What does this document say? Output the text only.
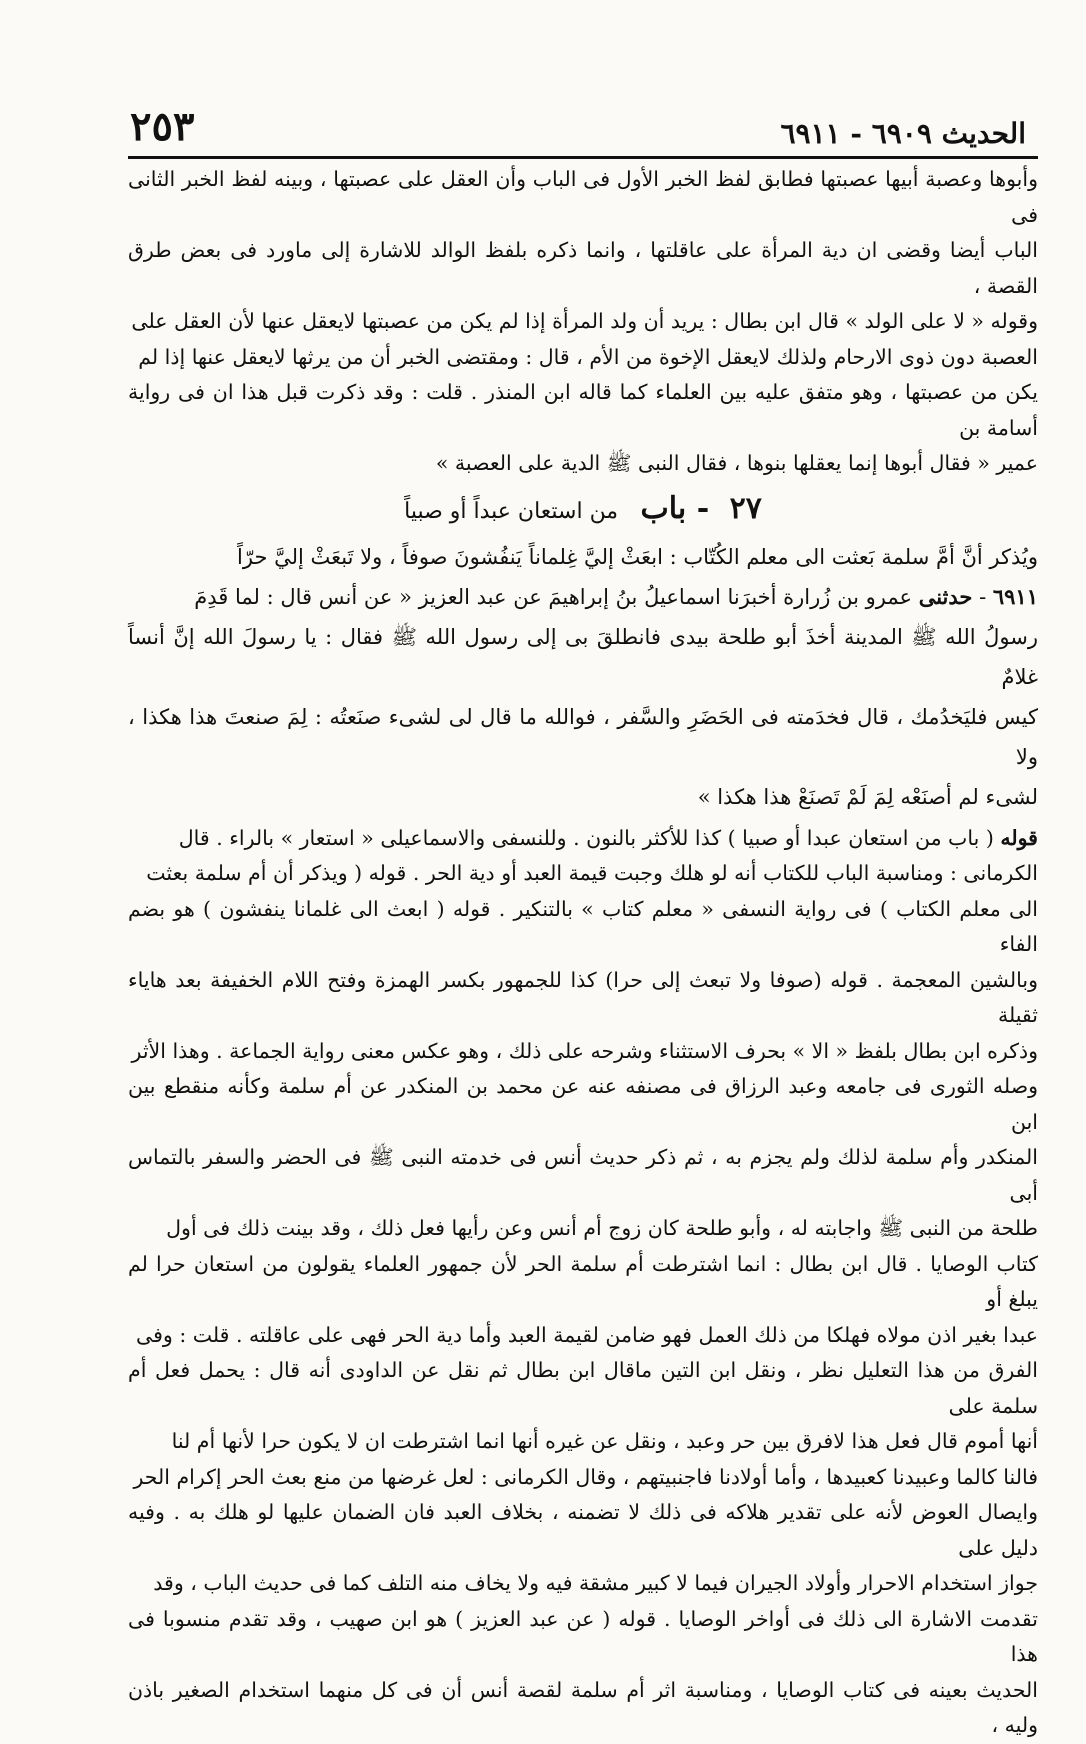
الحديث ٦٩٠٩ - ٦٩١١
٢٥٣

وأبوها وعصبة أبيها عصبتها فطابق لفظ الخبر الأول فى الباب وأن العقل على عصبتها ، وبينه لفظ الخبر الثانى فى

الباب أيضا وقضى ان دية المرأة على عاقلتها ، وانما ذكره بلفظ الوالد للاشارة إلى ماورد فى بعض طرق القصة ،

وقوله « لا على الولد » قال ابن بطال : يريد أن ولد المرأة إذا لم يكن من عصبتها لايعقل عنها لأن العقل على

العصبة دون ذوى الارحام ولذلك لايعقل الإخوة من الأم ، قال : ومقتضى الخبر أن من يرثها لايعقل عنها إذا لم

يكن من عصبتها ، وهو متفق عليه بين العلماء كما قاله ابن المنذر . قلت : وقد ذكرت قبل هذا ان فى رواية أسامة بن

عمير « فقال أبوها إنما يعقلها بنوها ، فقال النبى ﷺ الدية على العصبة »

٢٧ - باب من استعان عبداً أو صبياً

ويُذكر أنَّ أمَّ سلمة بَعثت الى معلم الكُتّاب : ابعَثْ إليَّ غِلماناً يَنفُشونَ صوفاً ، ولا تَبعَثْ إليَّ حرّاً

٦٩١١ - حدثنى عمرو بن زُرارة أخبرَنا اسماعيلُ بنُ إبراهيمَ عن عبد العزيز « عن أنس قال : لما قَدِمَ

رسولُ الله ﷺ المدينة أخذَ أبو طلحة بيدى فانطلقَ بى إلى رسول الله ﷺ فقال : يا رسولَ الله إنَّ أنساً غلامٌ

كيس فليَخدُمك ، قال فخدَمته فى الحَضَرِ والسَّفر ، فوالله ما قال لى لشىء صنَعتُه : لِمَ صنعتَ هذا هكذا ، ولا

لشىء لم أصنَعْه لِمَ لَمْ تَصنَعْ هذا هكذا »

قوله ( باب من استعان عبدا أو صبيا ) كذا للأكثر بالنون . وللنسفى والاسماعيلى « استعار » بالراء . قال

الكرمانى : ومناسبة الباب للكتاب أنه لو هلك وجبت قيمة العبد أو دية الحر . قوله ( ويذكر أن أم سلمة بعثت

الى معلم الكتاب ) فى رواية النسفى « معلم كتاب » بالتنكير . قوله ( ابعث الى غلمانا ينفشون ) هو بضم الفاء

وبالشين المعجمة . قوله (صوفا ولا تبعث إلى حرا) كذا للجمهور بكسر الهمزة وفتح اللام الخفيفة بعد هاياء ثقيلة

وذكره ابن بطال بلفظ « الا » بحرف الاستثناء وشرحه على ذلك ، وهو عكس معنى رواية الجماعة . وهذا الأثر

وصله الثورى فى جامعه وعبد الرزاق فى مصنفه عنه عن محمد بن المنكدر عن أم سلمة وكأنه منقطع بين ابن

المنكدر وأم سلمة لذلك ولم يجزم به ، ثم ذكر حديث أنس فى خدمته النبى ﷺ فى الحضر والسفر بالتماس أبى

طلحة من النبى ﷺ واجابته له ، وأبو طلحة كان زوج أم أنس وعن رأيها فعل ذلك ، وقد بينت ذلك فى أول

كتاب الوصايا . قال ابن بطال : انما اشترطت أم سلمة الحر لأن جمهور العلماء يقولون من استعان حرا لم يبلغ أو

عبدا بغير اذن مولاه فهلكا من ذلك العمل فهو ضامن لقيمة العبد وأما دية الحر فهى على عاقلته . قلت : وفى

الفرق من هذا التعليل نظر ، ونقل ابن التين ماقال ابن بطال ثم نقل عن الداودى أنه قال : يحمل فعل أم سلمة على

أنها أموم قال فعل هذا لافرق بين حر وعبد ، ونقل عن غيره أنها انما اشترطت ان لا يكون حرا لأنها أم لنا

فالنا كالما وعبيدنا كعبيدها ، وأما أولادنا فاجنبيتهم ، وقال الكرمانى : لعل غرضها من منع بعث الحر إكرام الحر

وايصال العوض لأنه على تقدير هلاكه فى ذلك لا تضمنه ، بخلاف العبد فان الضمان عليها لو هلك به . وفيه دليل على

جواز استخدام الاحرار وأولاد الجيران فيما لا كبير مشقة فيه ولا يخاف منه التلف كما فى حديث الباب ، وقد

تقدمت الاشارة الى ذلك فى أواخر الوصايا . قوله ( عن عبد العزيز ) هو ابن صهيب ، وقد تقدم منسوبا فى هذا

الحديث بعينه فى كتاب الوصايا ، ومناسبة اثر أم سلمة لقصة أنس أن فى كل منهما استخدام الصغير باذن وليه ،
